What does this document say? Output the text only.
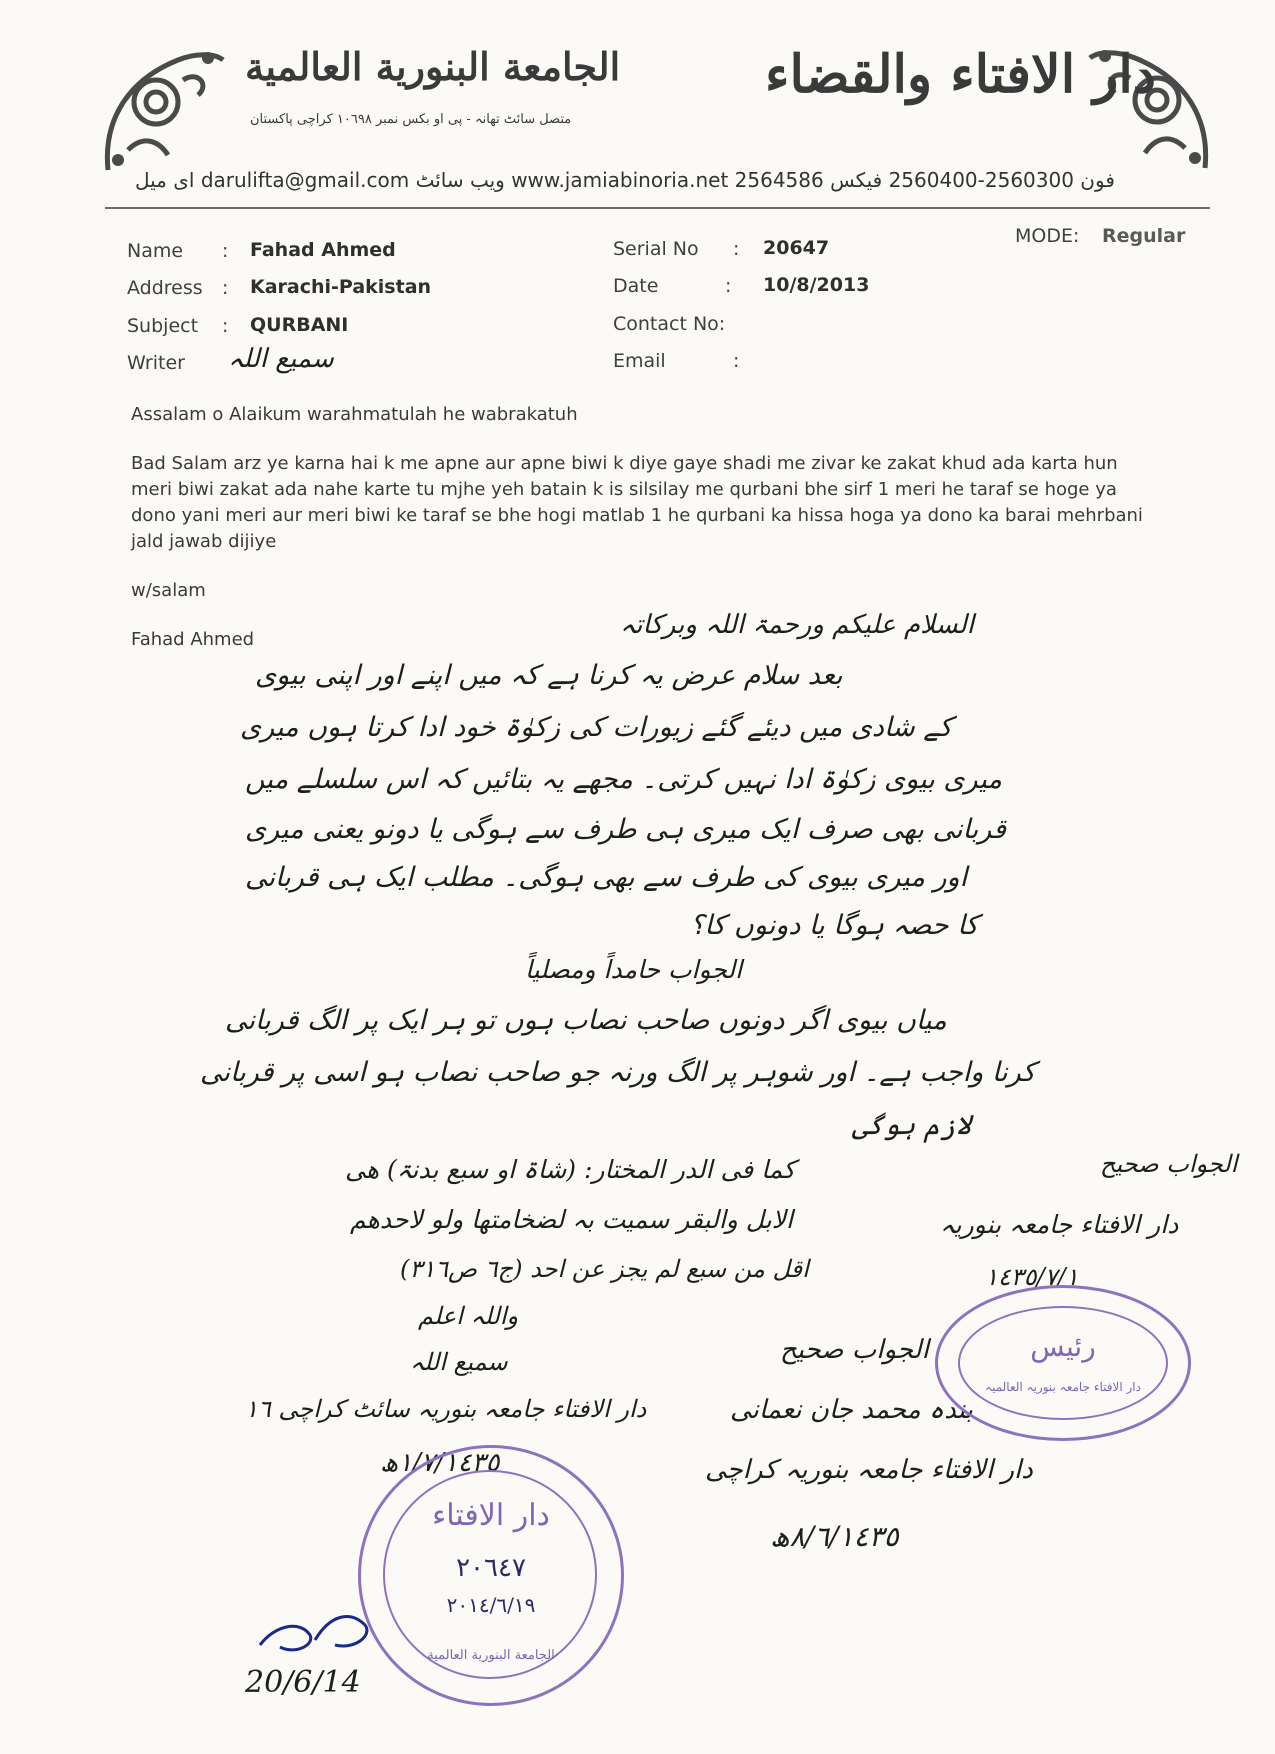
الجامعة البنورية العالمية
متصل سائٹ تھانہ - پی او بکس نمبر ١٠٦٩٨ کراچی پاکستان
دار الافتاء والقضاء
ای میل darulifta@gmail.com ویب سائٹ www.jamiabinoria.net فون 2560300-2560400 فیکس 2564586
Name : Fahad Ahmed
Address : Karachi-Pakistan
Subject : QURBANI
Writer سمیع اللہ
Serial No : 20647
Date	: 10/8/2013
Contact No:
Email	:
MODE: Regular
Assalam o Alaikum warahmatulah he wabrakatuh
Bad Salam arz ye karna hai k me apne aur apne biwi k diye gaye shadi me zivar ke zakat khud ada karta hun meri biwi zakat ada nahe karte tu mjhe yeh batain k is silsilay me qurbani bhe sirf 1 meri he taraf se hoge ya dono yani meri aur meri biwi ke taraf se bhe hogi matlab 1 he qurbani ka hissa hoga ya dono ka barai mehrbani jald jawab dijiye
w/salam
Fahad Ahmed	السلام علیکم ورحمۃ اللہ وبرکاتہ
بعد سلام عرض یہ کرنا ہے کہ میں اپنے اور اپنی بیوی
کے شادی میں دیئے گئے زیورات کی زکوٰۃ خود ادا کرتا ہوں میری
میری بیوی زکوٰۃ ادا نہیں کرتی۔ مجھے یہ بتائیں کہ اس سلسلے میں
قربانی بھی صرف ایک میری ہی طرف سے ہوگی یا دونو یعنی میری
اور میری بیوی کی طرف سے بھی ہوگی۔ مطلب ایک ہی قربانی
کا حصہ ہوگا یا دونوں کا؟
الجواب حامداً ومصلیاً
میاں بیوی اگر دونوں صاحب نصاب ہوں تو ہر ایک پر الگ قربانی
کرنا واجب ہے۔ اور شوہر پر الگ ورنہ جو صاحب نصاب ہو اسی پر قربانی
لازم ہوگی
کما فی الدر المختار: (شاۃ او سبع بدنۃ) ھی
الابل والبقر سمیت بہ لضخامتھا ولو لاحدھم
اقل من سبع لم یجز عن احد (ج٦ ص٣١٦)
واللہ اعلم
سمیع اللہ
دار الافتاء جامعہ بنوریہ سائٹ کراچی ١٦
١/٧/١٤٣٥ھ
الجواب صحیح
دار الافتاء جامعہ بنوریہ
١٤٣٥/٧/١
الجواب صحیح
بندہ محمد جان نعمانی
دار الافتاء جامعہ بنوریہ کراچی
٨/٦/١٤٣٥ھ
20/6/14
دار الافتاء
٢٠٦٤٧
٢٠١٤/٦/١٩
الجامعة البنورية العالمية
رئیس
دار الافتاء جامعہ بنوریہ العالمیہ
